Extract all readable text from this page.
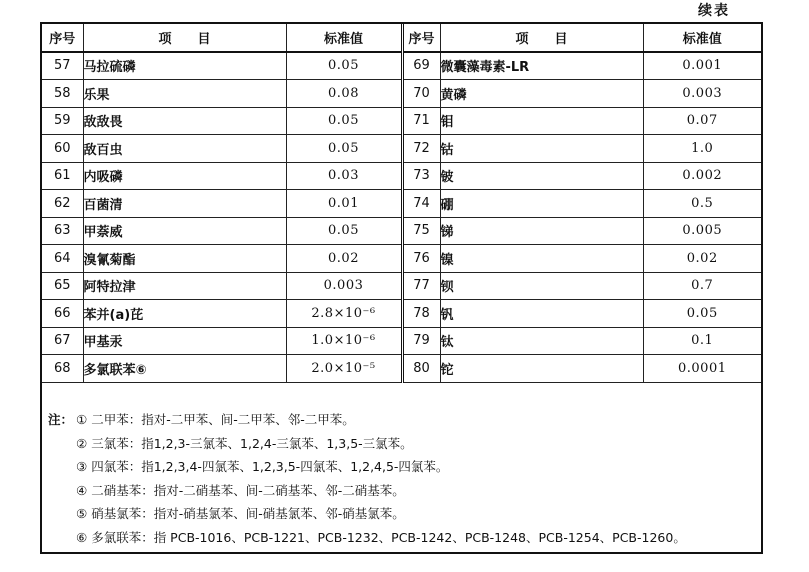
续表
序号	项　　目	标准值	序号	项　　目	标准值
57	马拉硫磷	0.05	69	微囊藻毒素-LR	0.001
58	乐果	0.08	70	黄磷	0.003
59	敌敌畏	0.05	71	钼	0.07
60	敌百虫	0.05	72	钴	1.0
61	内吸磷	0.03	73	铍	0.002
62	百菌清	0.01	74	硼	0.5
63	甲萘威	0.05	75	锑	0.005
64	溴氰菊酯	0.02	76	镍	0.02
65	阿特拉津	0.003	77	钡	0.7
66	苯并(a)芘	2.8×10⁻⁶	78	钒	0.05
67	甲基汞	1.0×10⁻⁶	79	钛	0.1
68	多氯联苯⑥	2.0×10⁻⁵	80	铊	0.0001
注： ① 二甲苯：指对-二甲苯、间-二甲苯、邻-二甲苯。
② 三氯苯：指1,2,3-三氯苯、1,2,4-三氯苯、1,3,5-三氯苯。
③ 四氯苯：指1,2,3,4-四氯苯、1,2,3,5-四氯苯、1,2,4,5-四氯苯。
④ 二硝基苯：指对-二硝基苯、间-二硝基苯、邻-二硝基苯。
⑤ 硝基氯苯：指对-硝基氯苯、间-硝基氯苯、邻-硝基氯苯。
⑥ 多氯联苯：指 PCB-1016、PCB-1221、PCB-1232、PCB-1242、PCB-1248、PCB-1254、PCB-1260。
